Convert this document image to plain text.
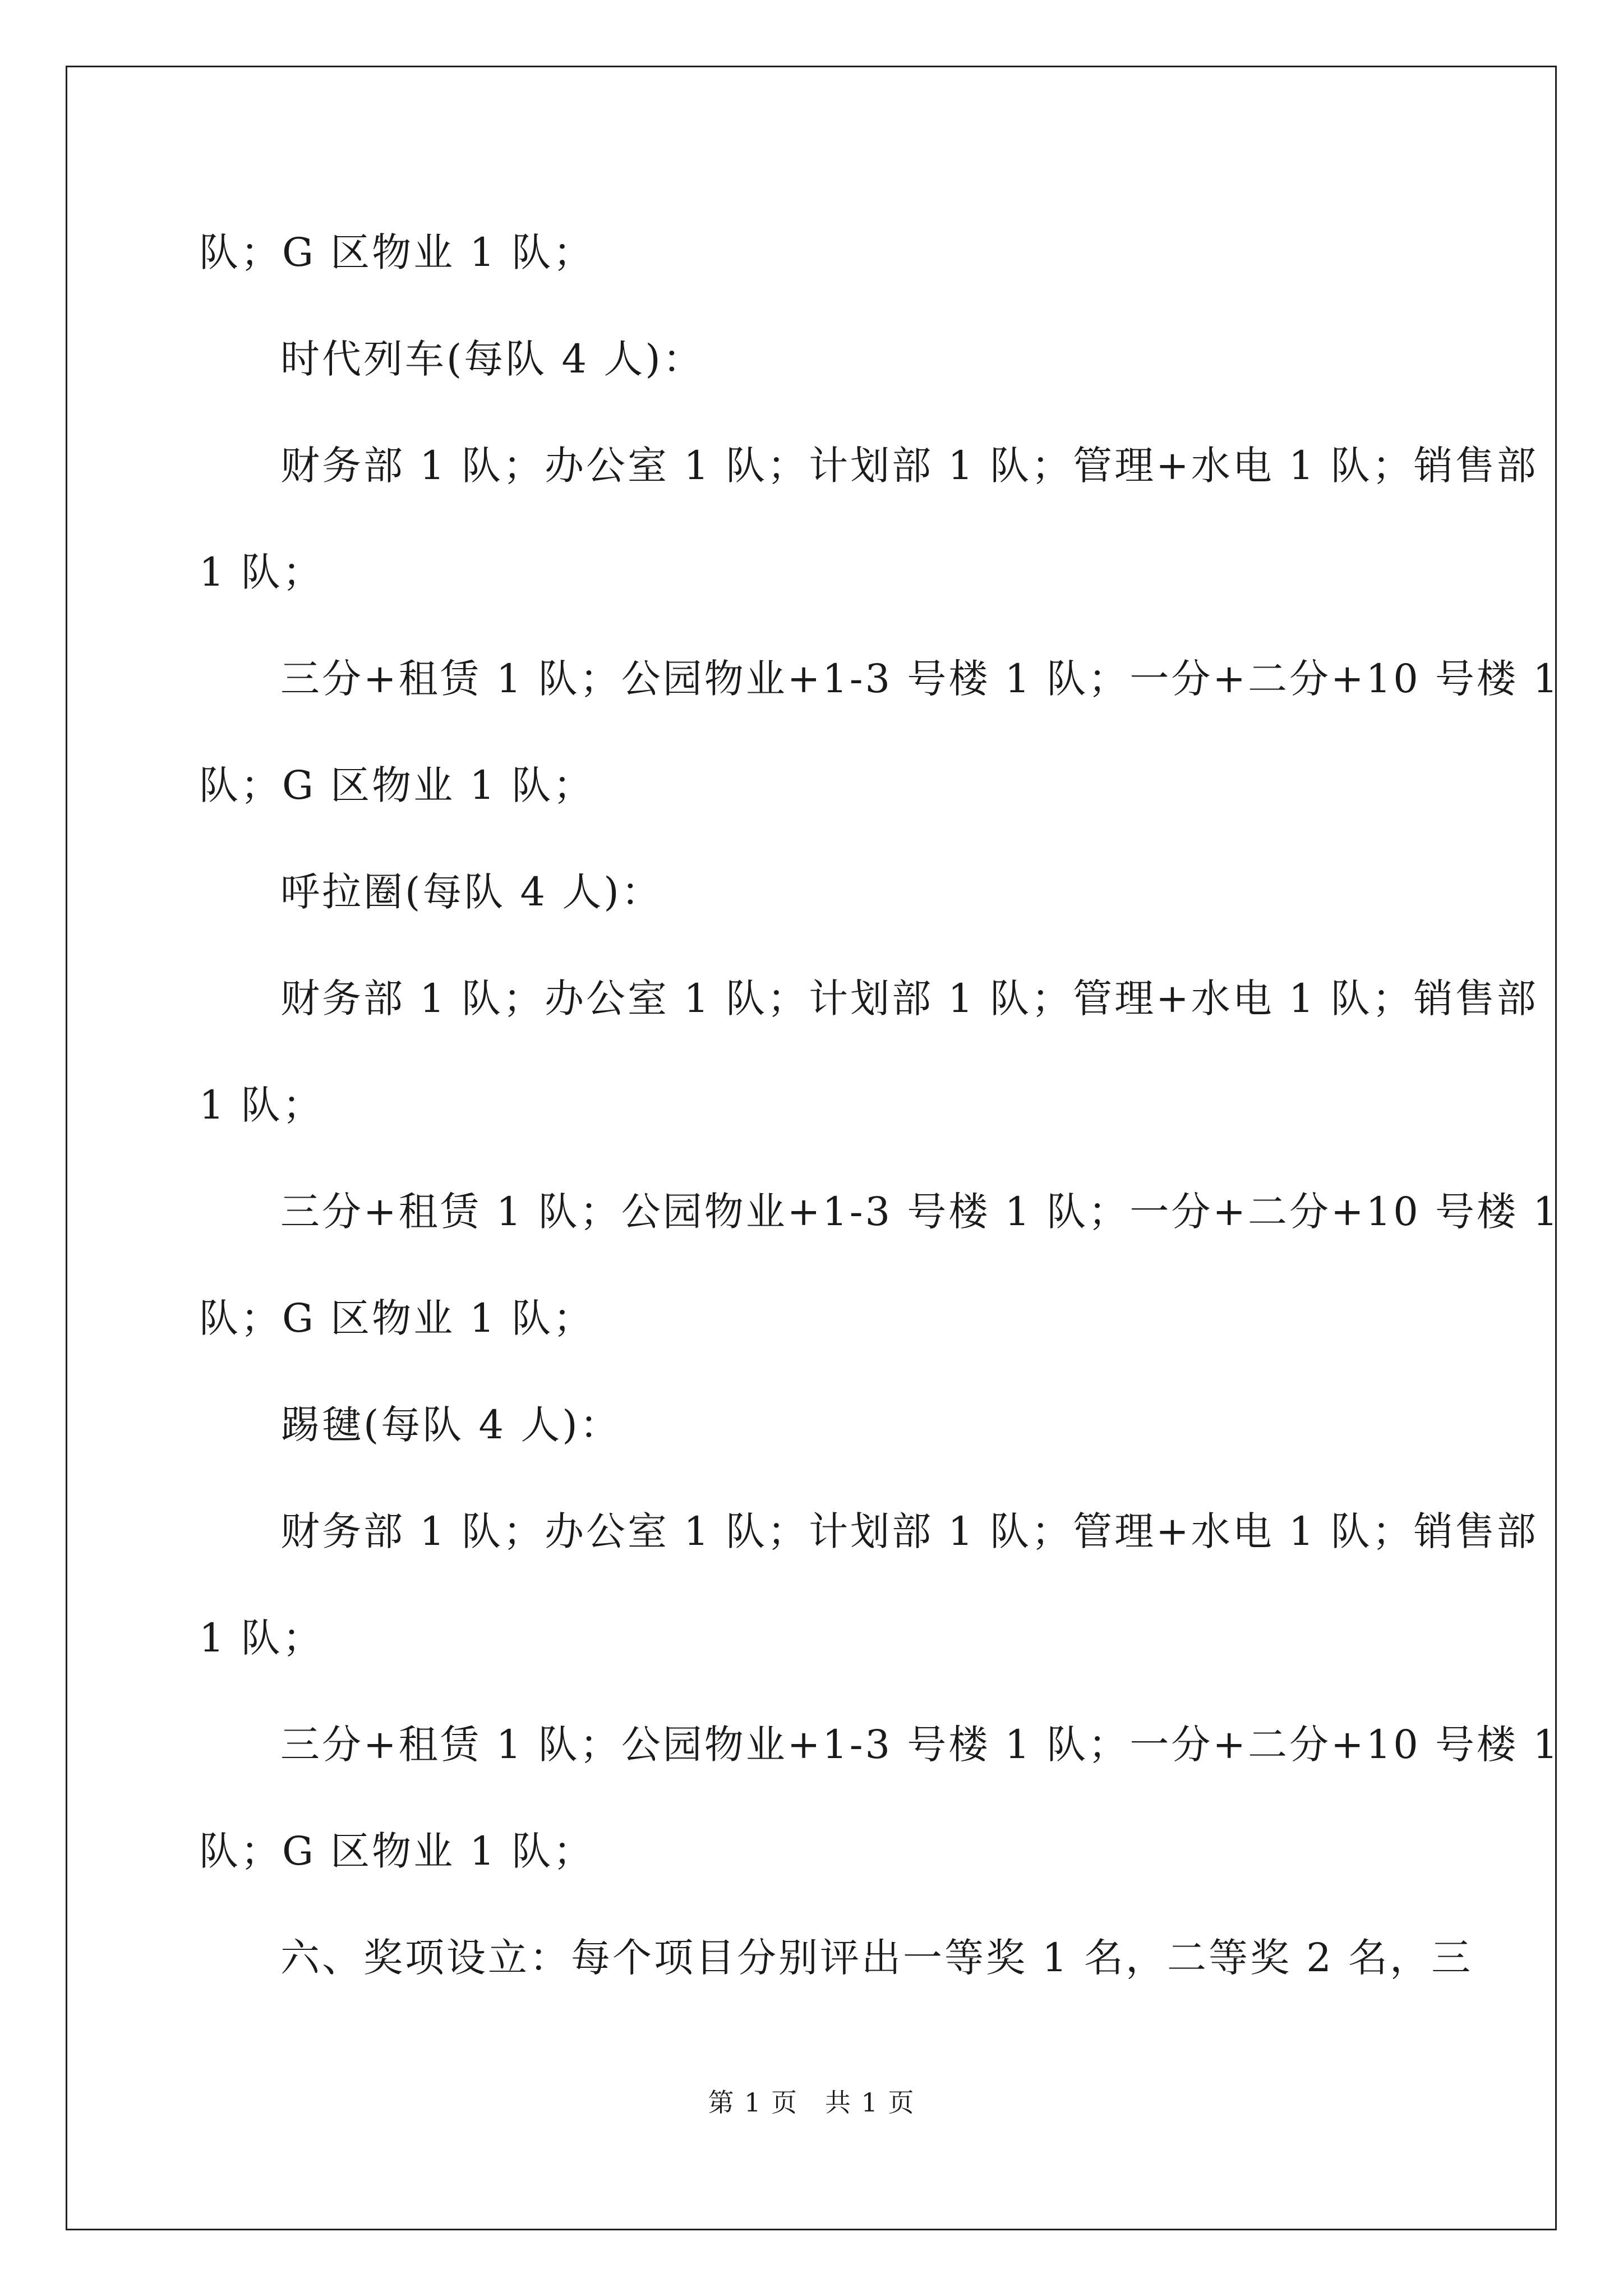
队；G 区物业 1 队；
时代列车(每队 4 人)：
财务部 1 队；办公室 1 队；计划部 1 队；管理+水电 1 队；销售部
1 队；
三分+租赁 1 队；公园物业+1-3 号楼 1 队；一分+二分+10 号楼 1
队；G 区物业 1 队；
呼拉圈(每队 4 人)：
财务部 1 队；办公室 1 队；计划部 1 队；管理+水电 1 队；销售部
1 队；
三分+租赁 1 队；公园物业+1-3 号楼 1 队；一分+二分+10 号楼 1
队；G 区物业 1 队；
踢毽(每队 4 人)：
财务部 1 队；办公室 1 队；计划部 1 队；管理+水电 1 队；销售部
1 队；
三分+租赁 1 队；公园物业+1-3 号楼 1 队；一分+二分+10 号楼 1
队；G 区物业 1 队；
六、奖项设立：每个项目分别评出一等奖 1 名，二等奖 2 名，三
第 1 页　共 1 页
